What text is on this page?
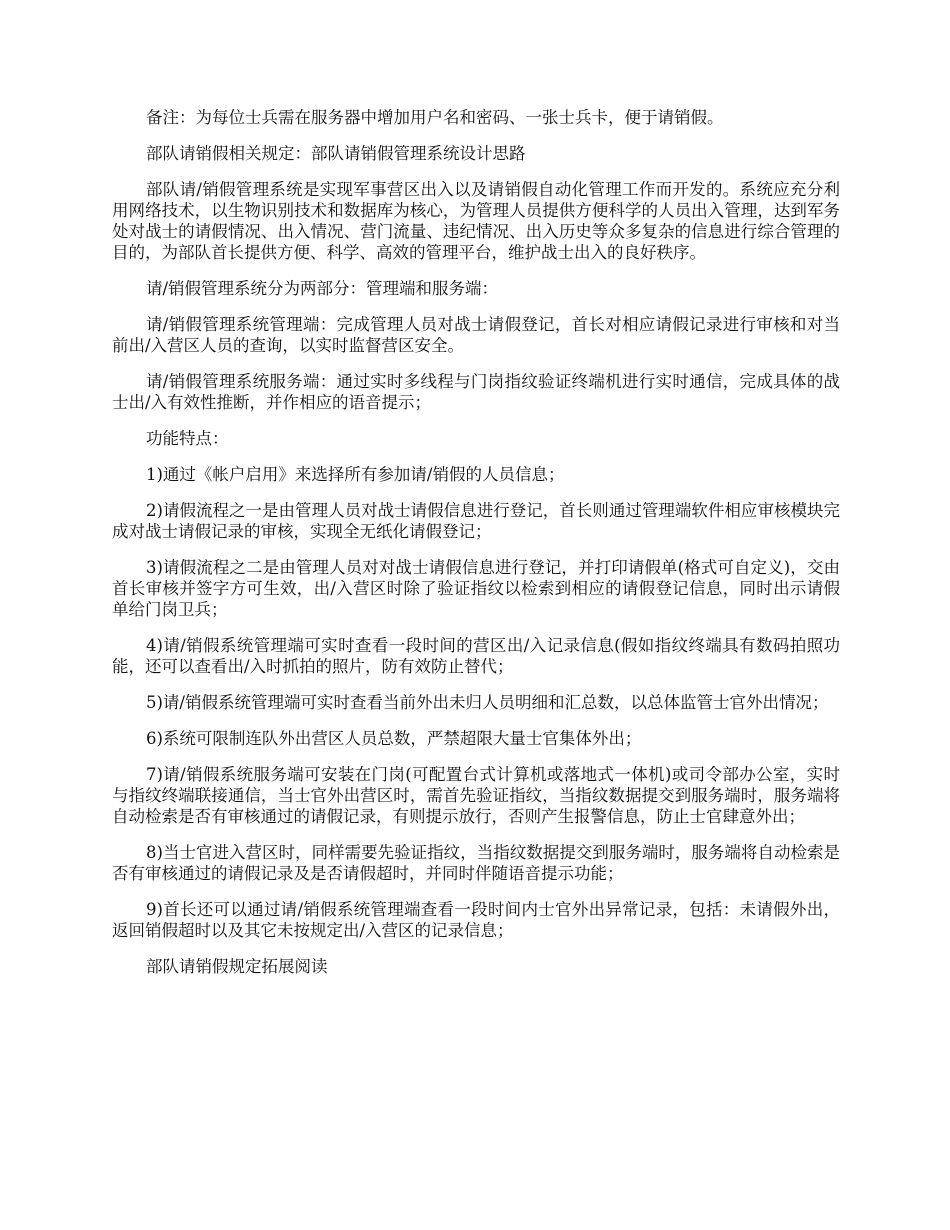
备注：为每位士兵需在服务器中增加用户名和密码、一张士兵卡，便于请销假。

部队请销假相关规定：部队请销假管理系统设计思路

部队请/销假管理系统是实现军事营区出入以及请销假自动化管理工作而开发的。系统应充分利用网络技术，以生物识别技术和数据库为核心，为管理人员提供方便科学的人员出入管理，达到军务处对战士的请假情况、出入情况、营门流量、违纪情况、出入历史等众多复杂的信息进行综合管理的目的，为部队首长提供方便、科学、高效的管理平台，维护战士出入的良好秩序。

请/销假管理系统分为两部分：管理端和服务端：

请/销假管理系统管理端：完成管理人员对战士请假登记，首长对相应请假记录进行审核和对当前出/入营区人员的查询，以实时监督营区安全。

请/销假管理系统服务端：通过实时多线程与门岗指纹验证终端机进行实时通信，完成具体的战士出/入有效性推断，并作相应的语音提示；

功能特点：

1)通过《帐户启用》来选择所有参加请/销假的人员信息；

2)请假流程之一是由管理人员对战士请假信息进行登记，首长则通过管理端软件相应审核模块完成对战士请假记录的审核，实现全无纸化请假登记；

3)请假流程之二是由管理人员对对战士请假信息进行登记，并打印请假单(格式可自定义)，交由首长审核并签字方可生效，出/入营区时除了验证指纹以检索到相应的请假登记信息，同时出示请假单给门岗卫兵；

4)请/销假系统管理端可实时查看一段时间的营区出/入记录信息(假如指纹终端具有数码拍照功能，还可以查看出/入时抓拍的照片，防有效防止替代；

5)请/销假系统管理端可实时查看当前外出未归人员明细和汇总数，以总体监管士官外出情况；

6)系统可限制连队外出营区人员总数，严禁超限大量士官集体外出；

7)请/销假系统服务端可安装在门岗(可配置台式计算机或落地式一体机)或司令部办公室，实时与指纹终端联接通信，当士官外出营区时，需首先验证指纹，当指纹数据提交到服务端时，服务端将自动检索是否有审核通过的请假记录，有则提示放行，否则产生报警信息，防止士官肆意外出；

8)当士官进入营区时，同样需要先验证指纹，当指纹数据提交到服务端时，服务端将自动检索是否有审核通过的请假记录及是否请假超时，并同时伴随语音提示功能；

9)首长还可以通过请/销假系统管理端查看一段时间内士官外出异常记录，包括：未请假外出，返回销假超时以及其它未按规定出/入营区的记录信息；

部队请销假规定拓展阅读
